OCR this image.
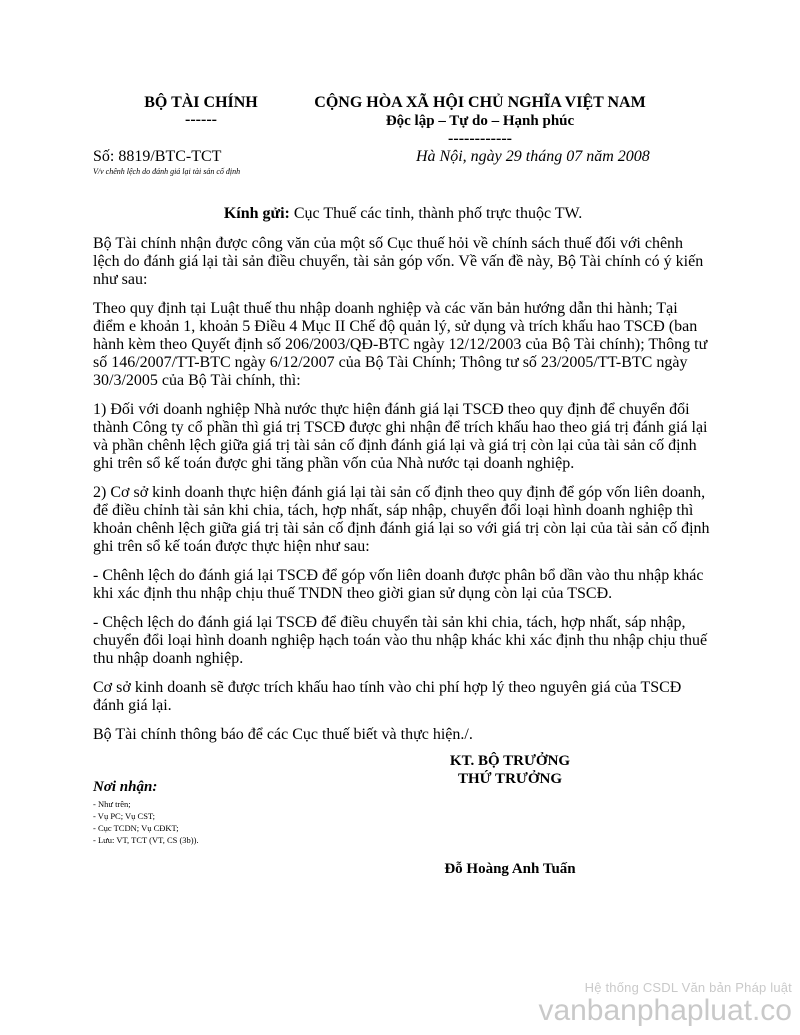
BỘ TÀI CHÍNH
------
CỘNG HÒA XÃ HỘI CHỦ NGHĨA VIỆT NAM
Độc lập – Tự do – Hạnh phúc
------------
Số: 8819/BTC-TCT
V/v chênh lệch do đánh giá lại tài sản cố định
Hà Nội, ngày 29 tháng 07 năm 2008

Kính gửi: Cục Thuế các tỉnh, thành phố trực thuộc TW.

Bộ Tài chính nhận được công văn của một số Cục thuế hỏi về chính sách thuế đối với chênh lệch do đánh giá lại tài sản điều chuyển, tài sản góp vốn. Về vấn đề này, Bộ Tài chính có ý kiến như sau:

Theo quy định tại Luật thuế thu nhập doanh nghiệp và các văn bản hướng dẫn thi hành; Tại điểm e khoản 1, khoản 5 Điều 4 Mục II Chế độ quản lý, sử dụng và trích khấu hao TSCĐ (ban hành kèm theo Quyết định số 206/2003/QĐ-BTC ngày 12/12/2003 của Bộ Tài chính); Thông tư số 146/2007/TT-BTC ngày 6/12/2007 của Bộ Tài Chính; Thông tư số 23/2005/TT-BTC ngày 30/3/2005 của Bộ Tài chính, thì:

1) Đối với doanh nghiệp Nhà nước thực hiện đánh giá lại TSCĐ theo quy định để chuyển đổi thành Công ty cổ phần thì giá trị TSCĐ được ghi nhận để trích khấu hao theo giá trị đánh giá lại và phần chênh lệch giữa giá trị tài sản cố định đánh giá lại và giá trị còn lại của tài sản cố định ghi trên sổ kế toán được ghi tăng phần vốn của Nhà nước tại doanh nghiệp.

2) Cơ sở kinh doanh thực hiện đánh giá lại tài sản cố định theo quy định để góp vốn liên doanh, để điều chỉnh tài sản khi chia, tách, hợp nhất, sáp nhập, chuyển đổi loại hình doanh nghiệp thì khoản chênh lệch giữa giá trị tài sản cố định đánh giá lại so với giá trị còn lại của tài sản cố định ghi trên sổ kế toán được thực hiện như sau:

- Chênh lệch do đánh giá lại TSCĐ để góp vốn liên doanh được phân bổ dần vào thu nhập khác khi xác định thu nhập chịu thuế TNDN theo giời gian sử dụng còn lại của TSCĐ.

- Chệch lệch do đánh giá lại TSCĐ để điều chuyển tài sản khi chia, tách, hợp nhất, sáp nhập, chuyển đổi loại hình doanh nghiệp hạch toán vào thu nhập khác khi xác định thu nhập chịu thuế thu nhập doanh nghiệp.

Cơ sở kinh doanh sẽ được trích khấu hao tính vào chi phí hợp lý theo nguyên giá của TSCĐ đánh giá lại.

Bộ Tài chính thông báo để các Cục thuế biết và thực hiện./.

KT. BỘ TRƯỞNG
THỨ TRƯỞNG
Đỗ Hoàng Anh Tuấn
Nơi nhận:
- Như trên;
- Vụ PC; Vụ CST;
- Cục TCDN; Vụ CĐKT;
- Lưu: VT, TCT (VT, CS (3b)).
Hệ thống CSDL Văn bản Pháp luật
vanbanphapluat.co
